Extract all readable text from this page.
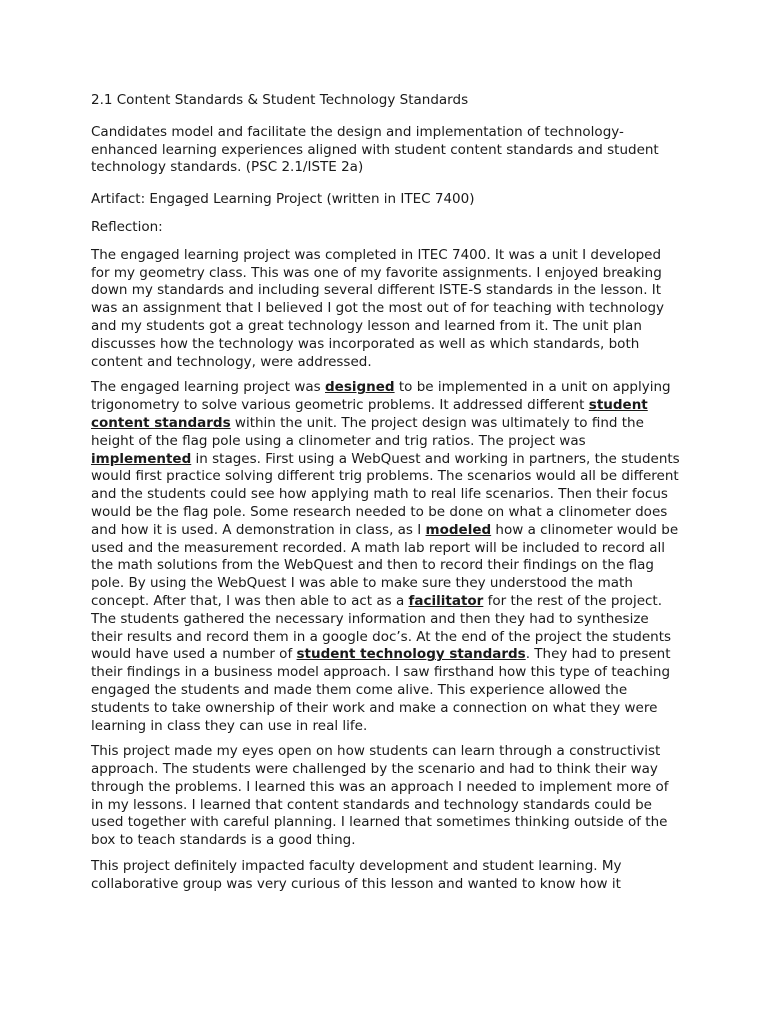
2.1 Content Standards & Student Technology Standards

Candidates model and facilitate the design and implementation of technology-enhanced learning experiences aligned with student content standards and student technology standards. (PSC 2.1/ISTE 2a)

Artifact: Engaged Learning Project (written in ITEC 7400)

Reflection:

The engaged learning project was completed in ITEC 7400. It was a unit I developed for my geometry class. This was one of my favorite assignments. I enjoyed breaking down my standards and including several different ISTE-S standards in the lesson. It was an assignment that I believed I got the most out of for teaching with technology and my students got a great technology lesson and learned from it. The unit plan discusses how the technology was incorporated as well as which standards, both content and technology, were addressed.

The engaged learning project was designed to be implemented in a unit on applying trigonometry to solve various geometric problems. It addressed different student content standards within the unit. The project design was ultimately to find the height of the flag pole using a clinometer and trig ratios. The project was implemented in stages. First using a WebQuest and working in partners, the students would first practice solving different trig problems. The scenarios would all be different and the students could see how applying math to real life scenarios. Then their focus would be the flag pole. Some research needed to be done on what a clinometer does and how it is used. A demonstration in class, as I modeled how a clinometer would be used and the measurement recorded. A math lab report will be included to record all the math solutions from the WebQuest and then to record their findings on the flag pole. By using the WebQuest I was able to make sure they understood the math concept. After that, I was then able to act as a facilitator for the rest of the project. The students gathered the necessary information and then they had to synthesize their results and record them in a google doc’s. At the end of the project the students would have used a number of student technology standards. They had to present their findings in a business model approach. I saw firsthand how this type of teaching engaged the students and made them come alive. This experience allowed the students to take ownership of their work and make a connection on what they were learning in class they can use in real life.

This project made my eyes open on how students can learn through a constructivist approach. The students were challenged by the scenario and had to think their way through the problems. I learned this was an approach I needed to implement more of in my lessons. I learned that content standards and technology standards could be used together with careful planning. I learned that sometimes thinking outside of the box to teach standards is a good thing.

This project definitely impacted faculty development and student learning. My collaborative group was very curious of this lesson and wanted to know how it
